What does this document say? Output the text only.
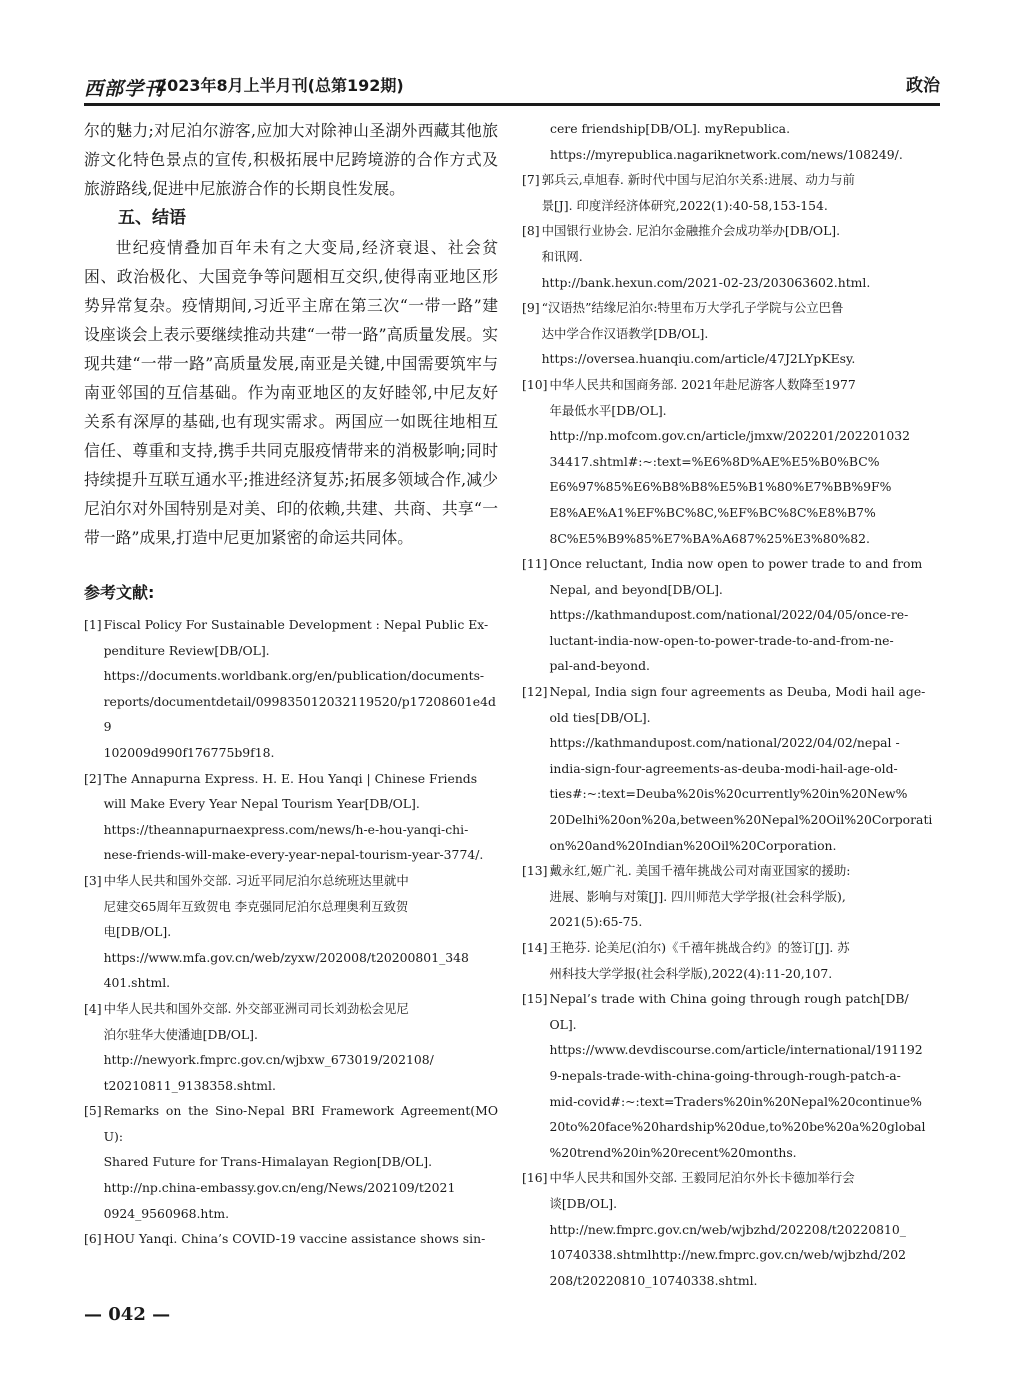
西部学刊
2023年8月上半月刊(总第192期)	政治

尔的魅力;对尼泊尔游客,应加大对除神山圣湖外西藏其他旅游文化特色景点的宣传,积极拓展中尼跨境游的合作方式及旅游路线,促进中尼旅游合作的长期良性发展。

五、结语

世纪疫情叠加百年未有之大变局,经济衰退、社会贫困、政治极化、大国竞争等问题相互交织,使得南亚地区形势异常复杂。疫情期间,习近平主席在第三次“一带一路”建设座谈会上表示要继续推动共建“一带一路”高质量发展。实现共建“一带一路”高质量发展,南亚是关键,中国需要筑牢与南亚邻国的互信基础。作为南亚地区的友好睦邻,中尼友好关系有深厚的基础,也有现实需求。两国应一如既往地相互信任、尊重和支持,携手共同克服疫情带来的消极影响;同时持续提升互联互通水平;推进经济复苏;拓展多领域合作,减少尼泊尔对外国特别是对美、印的依赖,共建、共商、共享“一带一路”成果,打造中尼更加紧密的命运共同体。

参考文献:

[1] Fiscal Policy For Sustainable Development : Nepal Public Ex-
penditure Review[DB/OL].
https://documents.worldbank.org/en/publication/documents-
reports/documentdetail/099835012032119520/p17208601e4d9
102009d990f176775b9f18.
[2] The Annapurna Express. H. E. Hou Yanqi | Chinese Friends
will Make Every Year Nepal Tourism Year[DB/OL].
https://theannapurnaexpress.com/news/h-e-hou-yanqi-chi-
nese-friends-will-make-every-year-nepal-tourism-year-3774/.
[3] 中华人民共和国外交部. 习近平同尼泊尔总统班达里就中
尼建交65周年互致贺电 李克强同尼泊尔总理奥利互致贺
电[DB/OL].
https://www.mfa.gov.cn/web/zyxw/202008/t20200801_348
401.shtml.
[4] 中华人民共和国外交部. 外交部亚洲司司长刘劲松会见尼
泊尔驻华大使潘迪[DB/OL].
http://newyork.fmprc.gov.cn/wjbxw_673019/202108/
t20210811_9138358.shtml.
[5] Remarks on the Sino-Nepal BRI Framework Agreement(MOU):
Shared Future for Trans-Himalayan Region[DB/OL].
http://np.china-embassy.gov.cn/eng/News/202109/t2021
0924_9560968.htm.
[6] HOU Yanqi. China’s COVID-19 vaccine assistance shows sin-
cere friendship[DB/OL]. myRepublica.
https://myrepublica.nagariknetwork.com/news/108249/.
[7] 郭兵云,卓旭春. 新时代中国与尼泊尔关系:进展、动力与前
景[J]. 印度洋经济体研究,2022(1):40-58,153-154.
[8] 中国银行业协会. 尼泊尔金融推介会成功举办[DB/OL].
和讯网.
http://bank.hexun.com/2021-02-23/203063602.html.
[9] “汉语热”结缘尼泊尔:特里布万大学孔子学院与公立巴鲁
达中学合作汉语教学[DB/OL].
https://oversea.huanqiu.com/article/47J2LYpKEsy.
[10] 中华人民共和国商务部. 2021年赴尼游客人数降至1977
年最低水平[DB/OL].
http://np.mofcom.gov.cn/article/jmxw/202201/202201032
34417.shtml#:~:text=%E6%8D%AE%E5%B0%BC%
E6%97%85%E6%B8%B8%E5%B1%80%E7%BB%9F%
E8%AE%A1%EF%BC%8C,%EF%BC%8C%E8%B7%
8C%E5%B9%85%E7%BA%A687%25%E3%80%82.
[11] Once reluctant, India now open to power trade to and from
Nepal, and beyond[DB/OL].
https://kathmandupost.com/national/2022/04/05/once-re-
luctant-india-now-open-to-power-trade-to-and-from-ne-
pal-and-beyond.
[12] Nepal, India sign four agreements as Deuba, Modi hail age-
old ties[DB/OL].
https://kathmandupost.com/national/2022/04/02/nepal -
india-sign-four-agreements-as-deuba-modi-hail-age-old-
ties#:~:text=Deuba%20is%20currently%20in%20New%
20Delhi%20on%20a,between%20Nepal%20Oil%20Corporati
on%20and%20Indian%20Oil%20Corporation.
[13] 戴永红,姬广礼. 美国千禧年挑战公司对南亚国家的援助:
进展、影响与对策[J]. 四川师范大学学报(社会科学版),
2021(5):65-75.
[14] 王艳芬. 论美尼(泊尔)《千禧年挑战合约》的签订[J]. 苏
州科技大学学报(社会科学版),2022(4):11-20,107.
[15] Nepal’s trade with China going through rough patch[DB/
OL].
https://www.devdiscourse.com/article/international/191192
9-nepals-trade-with-china-going-through-rough-patch-a-
mid-covid#:~:text=Traders%20in%20Nepal%20continue%
20to%20face%20hardship%20due,to%20be%20a%20global
%20trend%20in%20recent%20months.
[16] 中华人民共和国外交部. 王毅同尼泊尔外长卡德加举行会
谈[DB/OL].
http://new.fmprc.gov.cn/web/wjbzhd/202208/t20220810_
10740338.shtmlhttp://new.fmprc.gov.cn/web/wjbzhd/202
208/t20220810_10740338.shtml.
— 042 —
